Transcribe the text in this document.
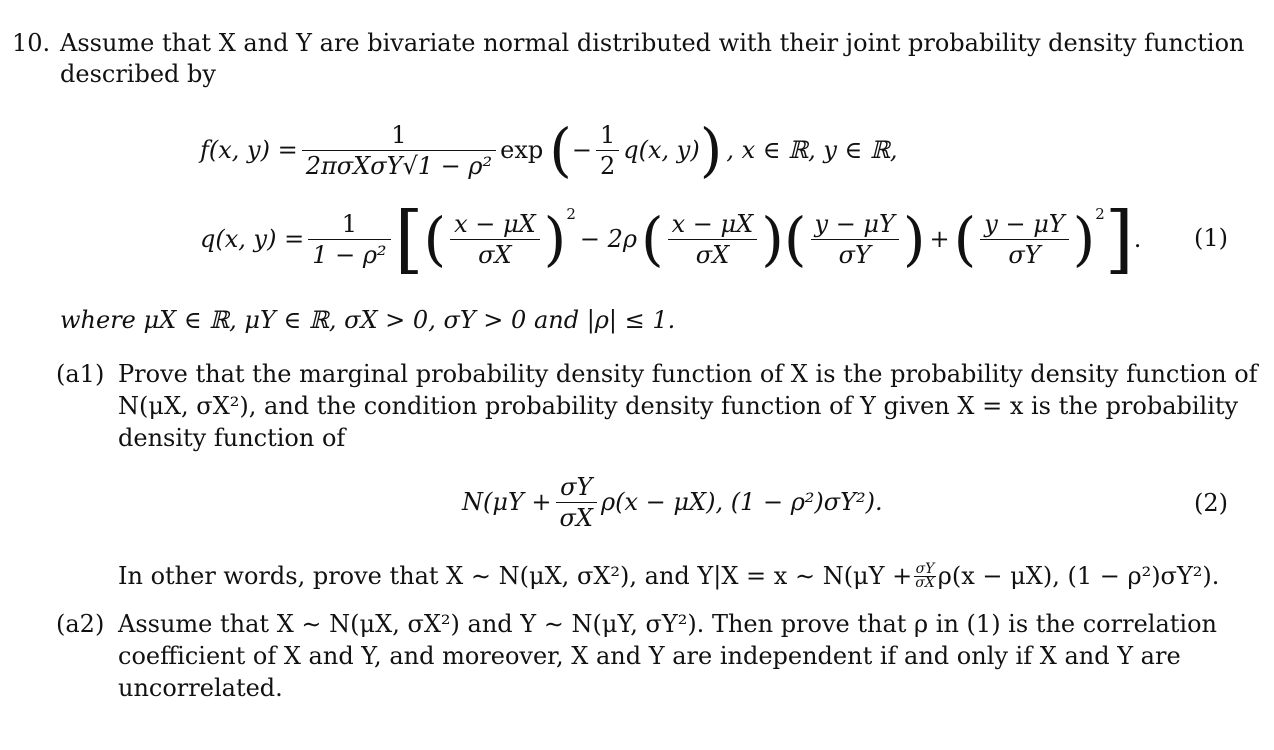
10. Assume that X and Y are bivariate normal distributed with their joint probability density function
described by
f(x, $y) = \frac{1}{\text{2πσXσY√1 − ρ²}}$ exp ( − $\frac{1}{2} q(x$, y) ) , x ∈ ℝ, y ∈ ℝ,
q(x, $y) = \frac{1}{\text{1 − ρ²}}$ [ ( $\frac{x - \mu X}{\sigma X} )^2$
− 2ρ ( $\frac{x - \mu X}{\sigma X}$ ) ( $\frac{y - \mu Y}{\sigma Y}$ ) + ( $\frac{y - \mu Y}{\sigma Y} )^2$ ] . (1)
where μX ∈ ℝ, μY ∈ ℝ, σX > 0, σY > 0 and |ρ| ≤ 1.
(a1) Prove that the marginal probability density function of X is the probability density function of
N(μX, σX²), and the condition probability density function of Y given X = x is the probability
density function of
$N(\mu Y + \frac{\sigma Y}{\sigma X} \rho(x - \mu X)$, (1 − ρ²)σY²).	(2)
In other words, prove that X ∼ N(μX, σX²), and Y|X = x ∼ $N(\mu Y + \frac{\sigma Y}{\sigma X} \rho(x - \mu X)$, (1 − ρ²)σY²).
(a2) Assume that X ∼ N(μX, σX²) and Y ∼ N(μY, σY²). Then prove that ρ in (1) is the correlation
coefficient of X and Y, and moreover, X and Y are independent if and only if X and Y are
uncorrelated.
